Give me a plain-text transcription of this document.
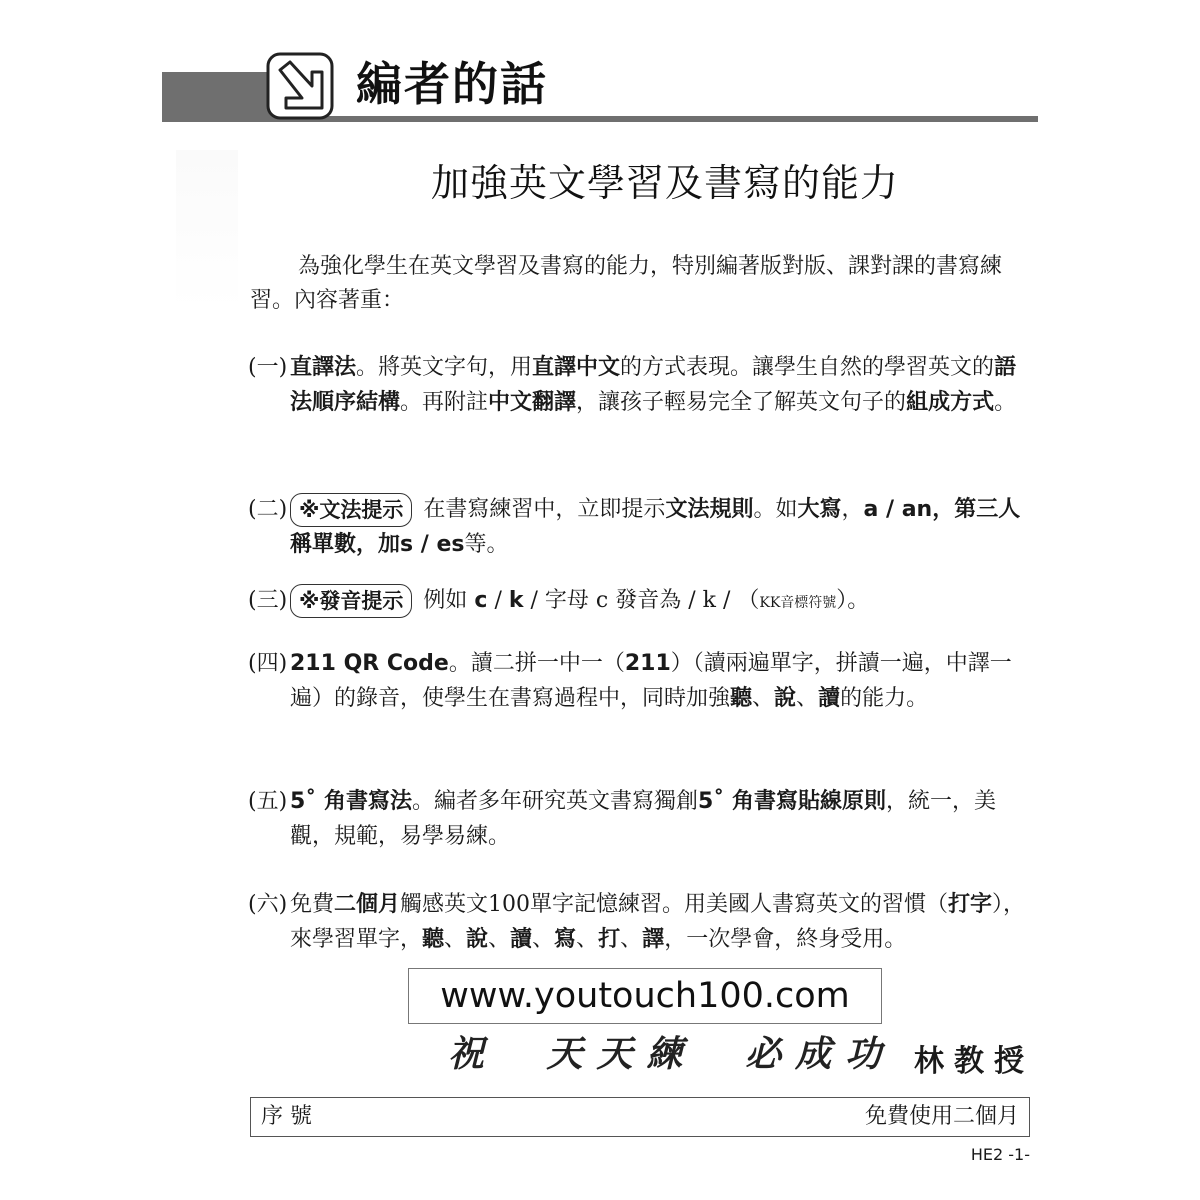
編者的話
加強英文學習及書寫的能力
為強化學生在英文學習及書寫的能力，特別編著版對版、課對課的書寫練習。內容著重：
(一) 直譯法。將英文字句，用直譯中文的方式表現。讓學生自然的學習英文的語法順序結構。再附註中文翻譯，讓孩子輕易完全了解英文句子的組成方式。
(二) ※文法提示 在書寫練習中，立即提示文法規則。如大寫，a / an，第三人稱單數，加s / es等。
(三) ※發音提示 例如 c / k / 字母 c 發音為 / k / （KK音標符號）。
(四) 211 QR Code。讀二拼一中一（211）（讀兩遍單字，拼讀一遍，中譯一遍）的錄音，使學生在書寫過程中，同時加強聽、說、讀的能力。
(五) 5˚ 角書寫法。編者多年研究英文書寫獨創5˚ 角書寫貼線原則，統一，美觀，規範，易學易練。
(六) 免費二個月觸感英文100單字記憶練習。用美國人書寫英文的習慣（打字），來學習單字，聽、說、讀、寫、打、譯，一次學會，終身受用。
www.youtouch100.com
祝 天天練 必成功 林教授
序 號	免費使用二個月
HE2 -1-
